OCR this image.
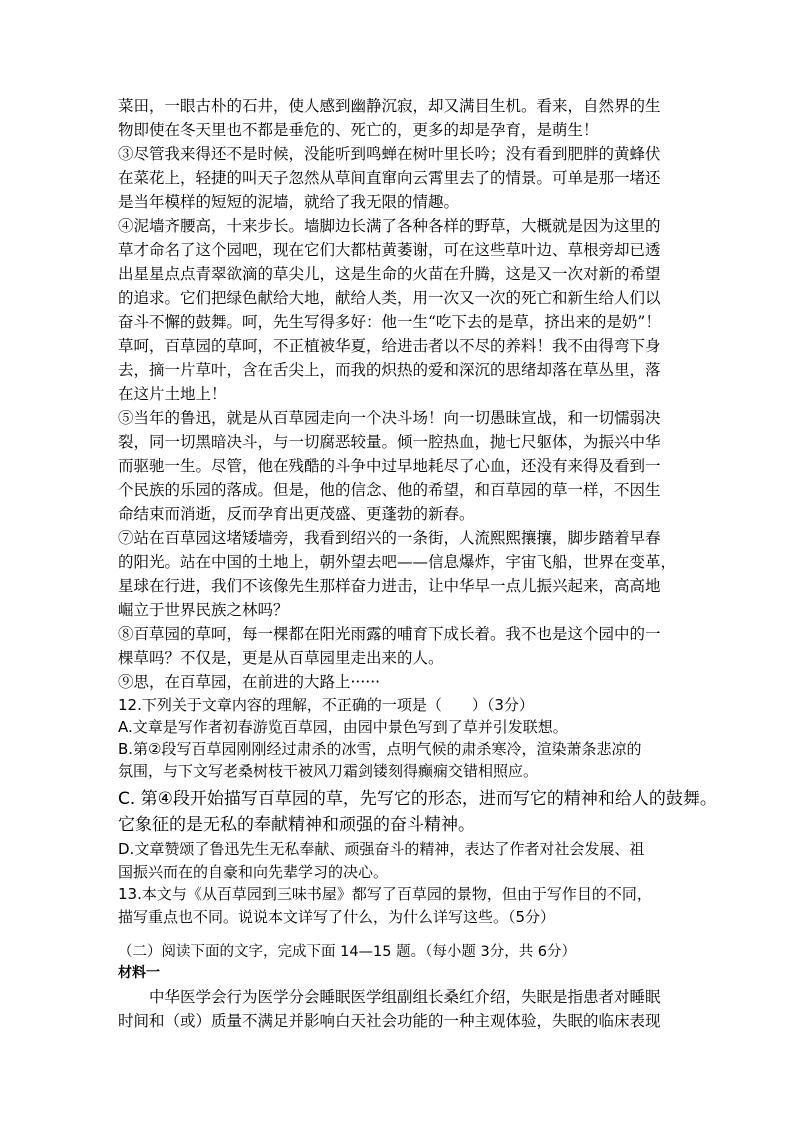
菜田，一眼古朴的石井，使人感到幽静沉寂，却又满目生机。看来，自然界的生
物即使在冬天里也不都是垂危的、死亡的，更多的却是孕育，是萌生！
③尽管我来得还不是时候，没能听到鸣蝉在树叶里长吟；没有看到肥胖的黄蜂伏
在菜花上，轻捷的叫天子忽然从草间直窜向云霄里去了的情景。可单是那一堵还
是当年模样的短短的泥墙，就给了我无限的情趣。
④泥墙齐腰高，十来步长。墙脚边长满了各种各样的野草，大概就是因为这里的
草才命名了这个园吧，现在它们大都枯黄萎谢，可在这些草叶边、草根旁却已透
出星星点点青翠欲滴的草尖儿，这是生命的火苗在升腾，这是又一次对新的希望
的追求。它们把绿色献给大地，献给人类，用一次又一次的死亡和新生给人们以
奋斗不懈的鼓舞。呵，先生写得多好：他一生“吃下去的是草，挤出来的是奶”！
草呵，百草园的草呵，不正植被华夏，给进击者以不尽的养料！我不由得弯下身
去，摘一片草叶，含在舌尖上，而我的炽热的爱和深沉的思绪却落在草丛里，落
在这片土地上！
⑤当年的鲁迅，就是从百草园走向一个决斗场！向一切愚昧宣战，和一切懦弱决
裂，同一切黑暗决斗，与一切腐恶较量。倾一腔热血，抛七尺躯体，为振兴中华
而驱驰一生。尽管，他在残酷的斗争中过早地耗尽了心血，还没有来得及看到一
个民族的乐园的落成。但是，他的信念、他的希望，和百草园的草一样，不因生
命结束而消逝，反而孕育出更茂盛、更蓬勃的新春。
⑦站在百草园这堵矮墙旁，我看到绍兴的一条街，人流熙熙攘攘，脚步踏着早春
的阳光。站在中国的土地上，朝外望去吧——信息爆炸，宇宙飞船，世界在变革，
星球在行进，我们不该像先生那样奋力进击，让中华早一点儿振兴起来，高高地
崛立于世界民族之林吗？
⑧百草园的草呵，每一棵都在阳光雨露的哺育下成长着。我不也是这个园中的一
棵草吗？不仅是，更是从百草园里走出来的人。
⑨思，在百草园，在前进的大路上······
12.下列关于文章内容的理解，不正确的一项是（　　）（3分）
A.文章是写作者初春游览百草园，由园中景色写到了草并引发联想。
B.第②段写百草园刚刚经过肃杀的冰雪，点明气候的肃杀寒冷，渲染萧条悲凉的
氛围，与下文写老桑树枝干被风刀霜剑镂刻得癫痫交错相照应。
C. 第④段开始描写百草园的草，先写它的形态，进而写它的精神和给人的鼓舞。
它象征的是无私的奉献精神和顽强的奋斗精神。
D.文章赞颂了鲁迅先生无私奉献、顽强奋斗的精神，表达了作者对社会发展、祖
国振兴而在的自豪和向先辈学习的决心。
13.本文与《从百草园到三味书屋》都写了百草园的景物，但由于写作目的不同，
描写重点也不同。说说本文详写了什么，为什么详写这些。（5分）
（二）阅读下面的文字，完成下面 14—15 题。（每小题 3分，共 6分）
材料一
　　中华医学会行为医学分会睡眠医学组副组长桑红介绍，失眠是指患者对睡眠
时间和（或）质量不满足并影响白天社会功能的一种主观体验，失眠的临床表现
